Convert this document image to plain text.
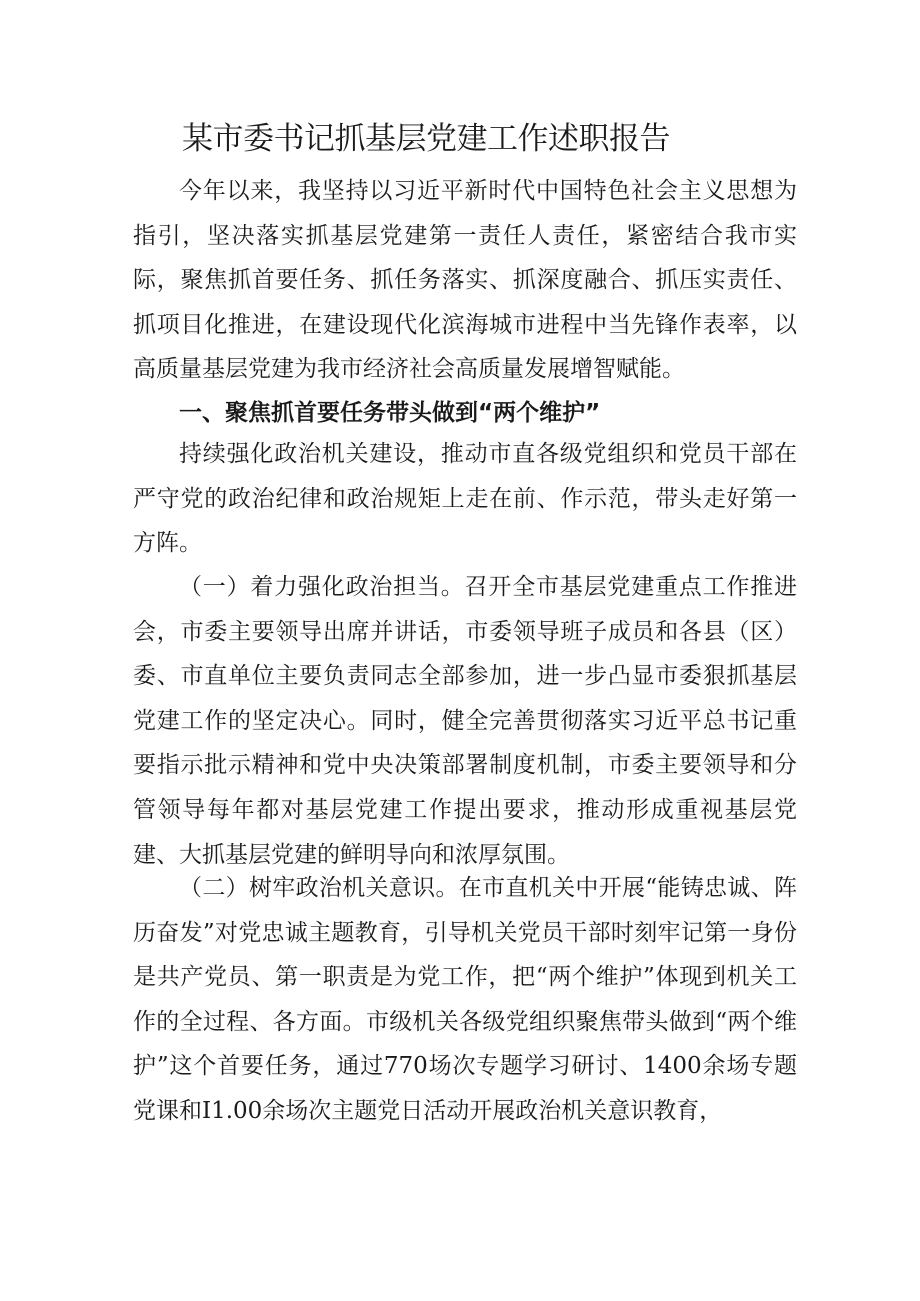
某市委书记抓基层党建工作述职报告

今年以来，我坚持以习近平新时代中国特色社会主义思想为指引，坚决落实抓基层党建第一责任人责任，紧密结合我市实际，聚焦抓首要任务、抓任务落实、抓深度融合、抓压实责任、抓项目化推进，在建设现代化滨海城市进程中当先锋作表率，以高质量基层党建为我市经济社会高质量发展增智赋能。

一、聚焦抓首要任务带头做到“两个维护”

持续强化政治机关建设，推动市直各级党组织和党员干部在严守党的政治纪律和政治规矩上走在前、作示范，带头走好第一方阵。

（一）着力强化政治担当。召开全市基层党建重点工作推进会，市委主要领导出席并讲话，市委领导班子成员和各县（区）委、市直单位主要负责同志全部参加，进一步凸显市委狠抓基层党建工作的坚定决心。同时，健全完善贯彻落实习近平总书记重要指示批示精神和党中央决策部署制度机制，市委主要领导和分管领导每年都对基层党建工作提出要求，推动形成重视基层党建、大抓基层党建的鲜明导向和浓厚氛围。

（二）树牢政治机关意识。在市直机关中开展“能铸忠诚、阵历奋发”对党忠诚主题教育，引导机关党员干部时刻牢记第一身份是共产党员、第一职责是为党工作，把“两个维护”体现到机关工作的全过程、各方面。市级机关各级党组织聚焦带头做到“两个维护”这个首要任务，通过770场次专题学习研讨、1400余场专题党课和I1.00余场次主题党日活动开展政治机关意识教育，
